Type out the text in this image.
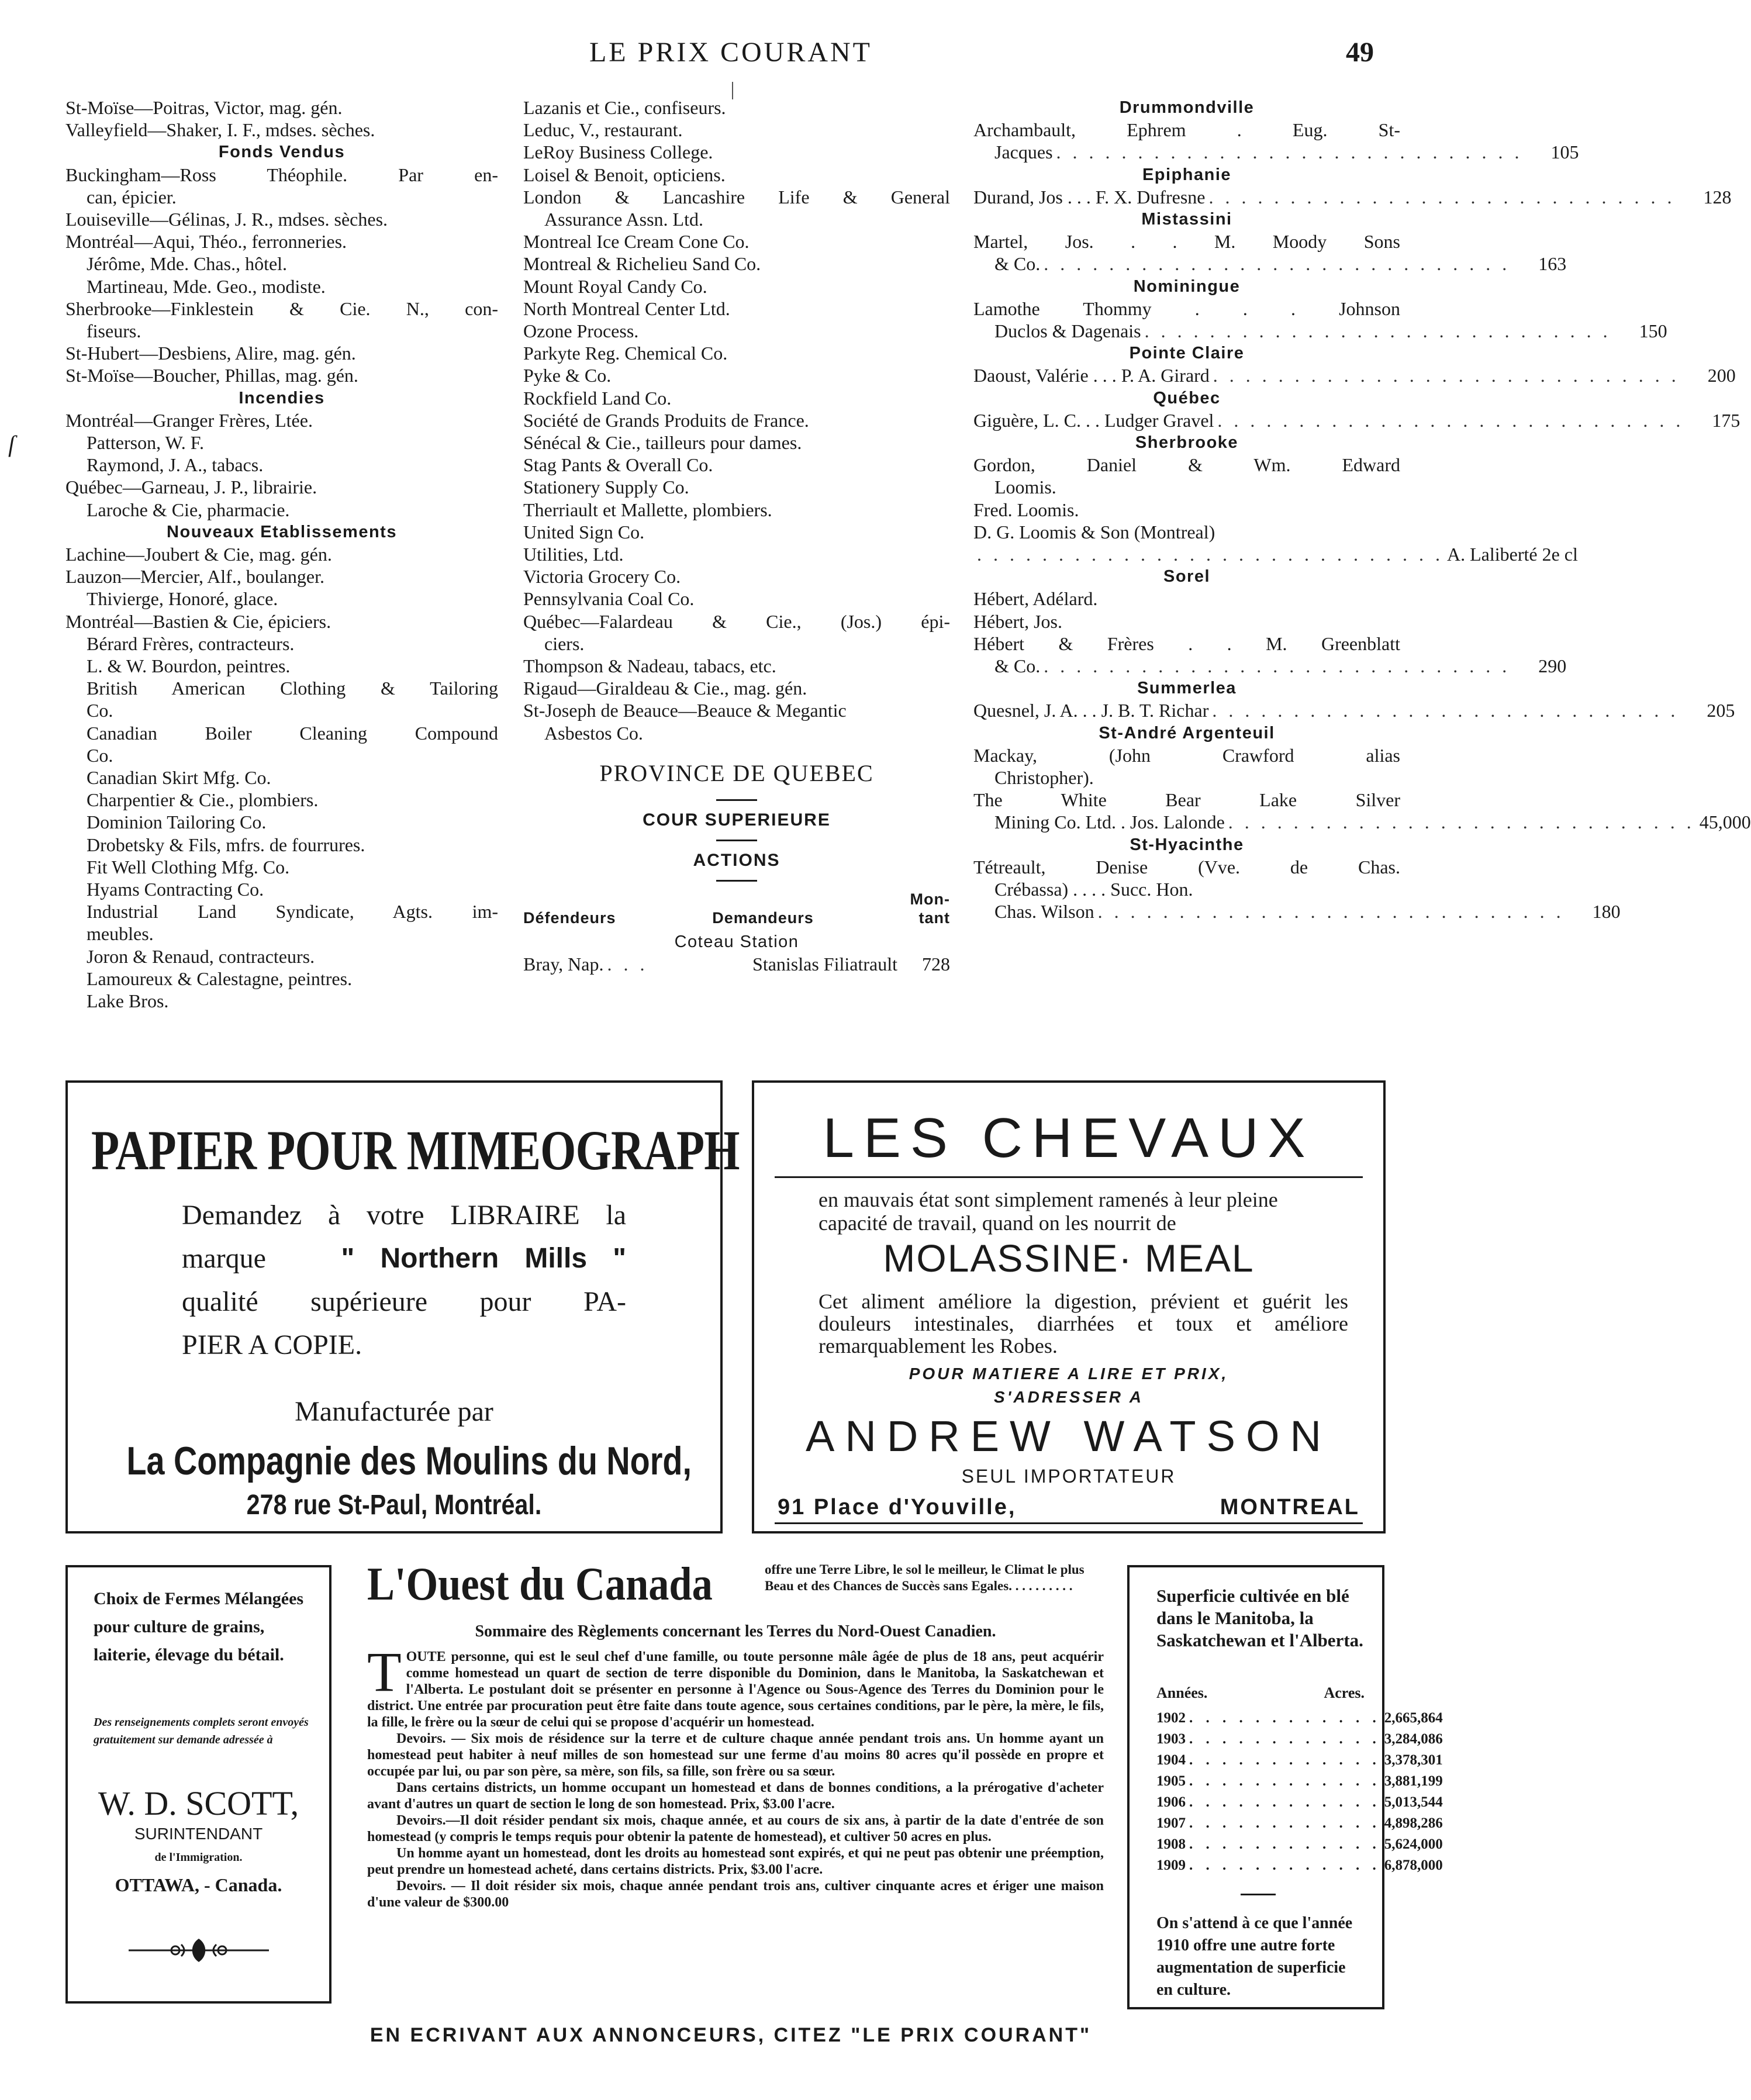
LE PRIX COURANT	49
ſ
St-Moïse—Poitras, Victor, mag. gén.
Valleyfield—Shaker, I. F., mdses. sèches.
Fonds Vendus
Buckingham—Ross Théophile. Par en-
can, épicier.
Louiseville—Gélinas, J. R., mdses. sèches.
Montréal—Aqui, Théo., ferronneries.
Jérôme, Mde. Chas., hôtel.
Martineau, Mde. Geo., modiste.
Sherbrooke—Finklestein & Cie. N., con-
fiseurs.
St-Hubert—Desbiens, Alire, mag. gén.
St-Moïse—Boucher, Phillas, mag. gén.
Incendies
Montréal—Granger Frères, Ltée.
Patterson, W. F.
Raymond, J. A., tabacs.
Québec—Garneau, J. P., librairie.
Laroche & Cie, pharmacie.
Nouveaux Etablissements
Lachine—Joubert & Cie, mag. gén.
Lauzon—Mercier, Alf., boulanger.
Thivierge, Honoré, glace.
Montréal—Bastien & Cie, épiciers.
Bérard Frères, contracteurs.
L. & W. Bourdon, peintres.
British American Clothing & Tailoring
Co.
Canadian Boiler Cleaning Compound
Co.
Canadian Skirt Mfg. Co.
Charpentier & Cie., plombiers.
Dominion Tailoring Co.
Drobetsky & Fils, mfrs. de fourrures.
Fit Well Clothing Mfg. Co.
Hyams Contracting Co.
Industrial Land Syndicate, Agts. im-
meubles.
Joron & Renaud, contracteurs.
Lamoureux & Calestagne, peintres.
Lake Bros.
Lazanis et Cie., confiseurs.
Leduc, V., restaurant.
LeRoy Business College.
Loisel & Benoit, opticiens.
London & Lancashire Life & General
Assurance Assn. Ltd.
Montreal Ice Cream Cone Co.
Montreal & Richelieu Sand Co.
Mount Royal Candy Co.
North Montreal Center Ltd.
Ozone Process.
Parkyte Reg. Chemical Co.
Pyke & Co.
Rockfield Land Co.
Société de Grands Produits de France.
Sénécal & Cie., tailleurs pour dames.
Stag Pants & Overall Co.
Stationery Supply Co.
Therriault et Mallette, plombiers.
United Sign Co.
Utilities, Ltd.
Victoria Grocery Co.
Pennsylvania Coal Co.
Québec—Falardeau & Cie., (Jos.) épi-
ciers.
Thompson & Nadeau, tabacs, etc.
Rigaud—Giraldeau & Cie., mag. gén.
St-Joseph de Beauce—Beauce & Megantic
Asbestos Co.
PROVINCE DE QUEBEC
COUR SUPERIEURE
ACTIONS
Défendeurs	Demandeurs
Mon-
tant
Coteau Station
Bray, Nap. . . .	Stanislas Filiatrault	728
Drummondville
Archambault, Ephrem . Eug. St-
Jacques . . . . . . . . . . . . . . . . . . . . . . . . . . . . .	105
Epiphanie
Durand, Jos . . . F. X. Dufresne . . . . . . . . . . . . . . . . . . . . . . . . . . . . .	128
Mistassini
Martel, Jos. . . M. Moody Sons
& Co. . . . . . . . . . . . . . . . . . . . . . . . . . . . . .	163
Nominingue
Lamothe Thommy . . . Johnson
Duclos & Dagenais . . . . . . . . . . . . . . . . . . . . . . . . . . . . .	150
Pointe Claire
Daoust, Valérie . . . P. A. Girard . . . . . . . . . . . . . . . . . . . . . . . . . . . . .	200
Québec
Giguère, L. C. . . Ludger Gravel . . . . . . . . . . . . . . . . . . . . . . . . . . . . .	175
Sherbrooke
Gordon, Daniel & Wm. Edward
Loomis.
Fred. Loomis.
D. G. Loomis & Son (Montreal)
. . . . . . . . . . . . . . . . . . . . . . . . . . . . . A. Laliberté 2e cl
Sorel
Hébert, Adélard.
Hébert, Jos.
Hébert & Frères . . M. Greenblatt
& Co. . . . . . . . . . . . . . . . . . . . . . . . . . . . . .	290
Summerlea
Quesnel, J. A. . . J. B. T. Richar . . . . . . . . . . . . . . . . . . . . . . . . . . . . .	205
St-André Argenteuil
Mackay, (John Crawford alias
Christopher).
The White Bear Lake Silver
Mining Co. Ltd. . Jos. Lalonde . . . . . . . . . . . . . . . . . . . . . . . . . . . . . 45,000
St-Hyacinthe
Tétreault, Denise (Vve. de Chas.
Crébassa) . . . . Succ. Hon.
Chas. Wilson . . . . . . . . . . . . . . . . . . . . . . . . . . . . .	180
PAPIER POUR MIMEOGRAPH
Demandez à votre LIBRAIRE la
marque	" Northern Mills "
qualité supérieure pour PA-
PIER A COPIE.
Manufacturée par
La Compagnie des Moulins du Nord,
278 rue St-Paul, Montréal.
LES CHEVAUX
en mauvais état sont simplement ramenés à leur pleine capacité de travail, quand on les nourrit de
MOLASSINE· MEAL
Cet aliment améliore la digestion, prévient et guérit les douleurs intestinales, diarrhées et toux et améliore remarquablement les Robes.
POUR MATIERE A LIRE ET PRIX,
S'ADRESSER A
ANDREW WATSON
SEUL IMPORTATEUR
91 Place d'Youville,	MONTREAL
Choix de Fermes Mélangées pour culture de grains, laiterie, élevage du bétail.
Des renseignements complets seront envoyés gratuitement sur demande adressée à
W. D. SCOTT,
SURINTENDANT
de l'Immigration.
OTTAWA, - Canada.
L'Ouest du Canada	offre une Terre Libre, le sol le meilleur, le Climat le plus Beau et des Chances de Succès sans Egales. . . . . . . . . .
Sommaire des Règlements concernant les Terres du Nord-Ouest Canadien.
T OUTE personne, qui est le seul chef d'une famille, ou toute personne mâle âgée de plus de 18 ans, peut acquérir comme homestead un quart de section de terre disponible du Dominion, dans le Manitoba, la Saskatchewan et l'Alberta. Le postulant doit se présenter en personne à l'Agence ou Sous-Agence des Terres du Dominion pour le district. Une entrée par procuration peut être faite dans toute agence, sous certaines conditions, par le père, la mère, le fils, la fille, le frère ou la sœur de celui qui se propose d'acquérir un homestead.

Devoirs. — Six mois de résidence sur la terre et de culture chaque année pendant trois ans. Un homme ayant un homestead peut habiter à neuf milles de son homestead sur une ferme d'au moins 80 acres qu'il possède en propre et occupée par lui, ou par son père, sa mère, son fils, sa fille, son frère ou sa sœur.

Dans certains districts, un homme occupant un homestead et dans de bonnes conditions, a la prérogative d'acheter avant d'autres un quart de section le long de son homestead. Prix, $3.00 l'acre.

Devoirs.—Il doit résider pendant six mois, chaque année, et au cours de six ans, à partir de la date d'entrée de son homestead (y compris le temps requis pour obtenir la patente de homestead), et cultiver 50 acres en plus.

Un homme ayant un homestead, dont les droits au homestead sont expirés, et qui ne peut pas obtenir une préemption, peut prendre un homestead acheté, dans certains districts. Prix, $3.00 l'acre.

Devoirs. — Il doit résider six mois, chaque année pendant trois ans, cultiver cinquante acres et ériger une maison d'une valeur de $300.00

Superficie cultivée en blé dans le Manitoba, la Saskatchewan et l'Alberta.
Années.	Acres.
1902 . . . . . . . . . . . . 2,665,864
1903 . . . . . . . . . . . . 3,284,086
1904 . . . . . . . . . . . . 3,378,301
1905 . . . . . . . . . . . . 3,881,199
1906 . . . . . . . . . . . . 5,013,544
1907 . . . . . . . . . . . . 4,898,286
1908 . . . . . . . . . . . . 5,624,000
1909 . . . . . . . . . . . . 6,878,000
On s'attend à ce que l'année 1910 offre une autre forte augmentation de superficie en culture.
EN ECRIVANT AUX ANNONCEURS, CITEZ "LE PRIX COURANT"
